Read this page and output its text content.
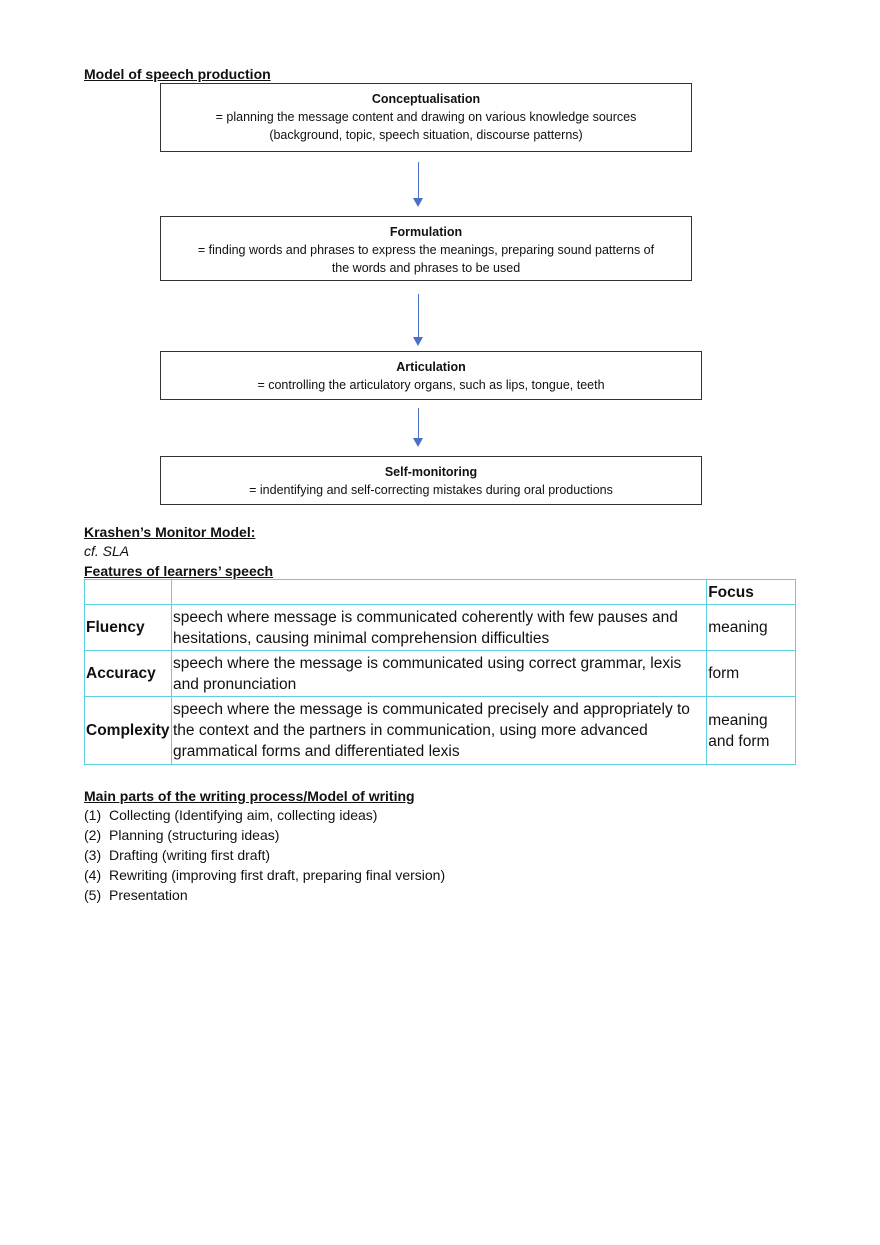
Model of speech production

Conceptualisation
= planning the message content and drawing on various knowledge sources
(background, topic, speech situation, discourse patterns)
Formulation
= finding words and phrases to express the meanings, preparing sound patterns of
the words and phrases to be used
Articulation
= controlling the articulatory organs, such as lips, tongue, teeth
Self-monitoring
= indentifying and self-correcting mistakes during oral productions

Krashen’s Monitor Model:

cf. SLA

Features of learners’ speech

		Focus
Fluency	speech where message is communicated coherently with few pauses and hesitations, causing minimal comprehension difficulties	meaning
Accuracy	speech where the message is communicated using correct grammar, lexis and pronunciation	form
Complexity	speech where the message is communicated precisely and appropriately to the context and the partners in communication, using more advanced grammatical forms and differentiated lexis	meaning and form

Main parts of the writing process/Model of writing

(1) Collecting (Identifying aim, collecting ideas)
(2) Planning (structuring ideas)
(3) Drafting (writing first draft)
(4) Rewriting (improving first draft, preparing final version)
(5) Presentation
